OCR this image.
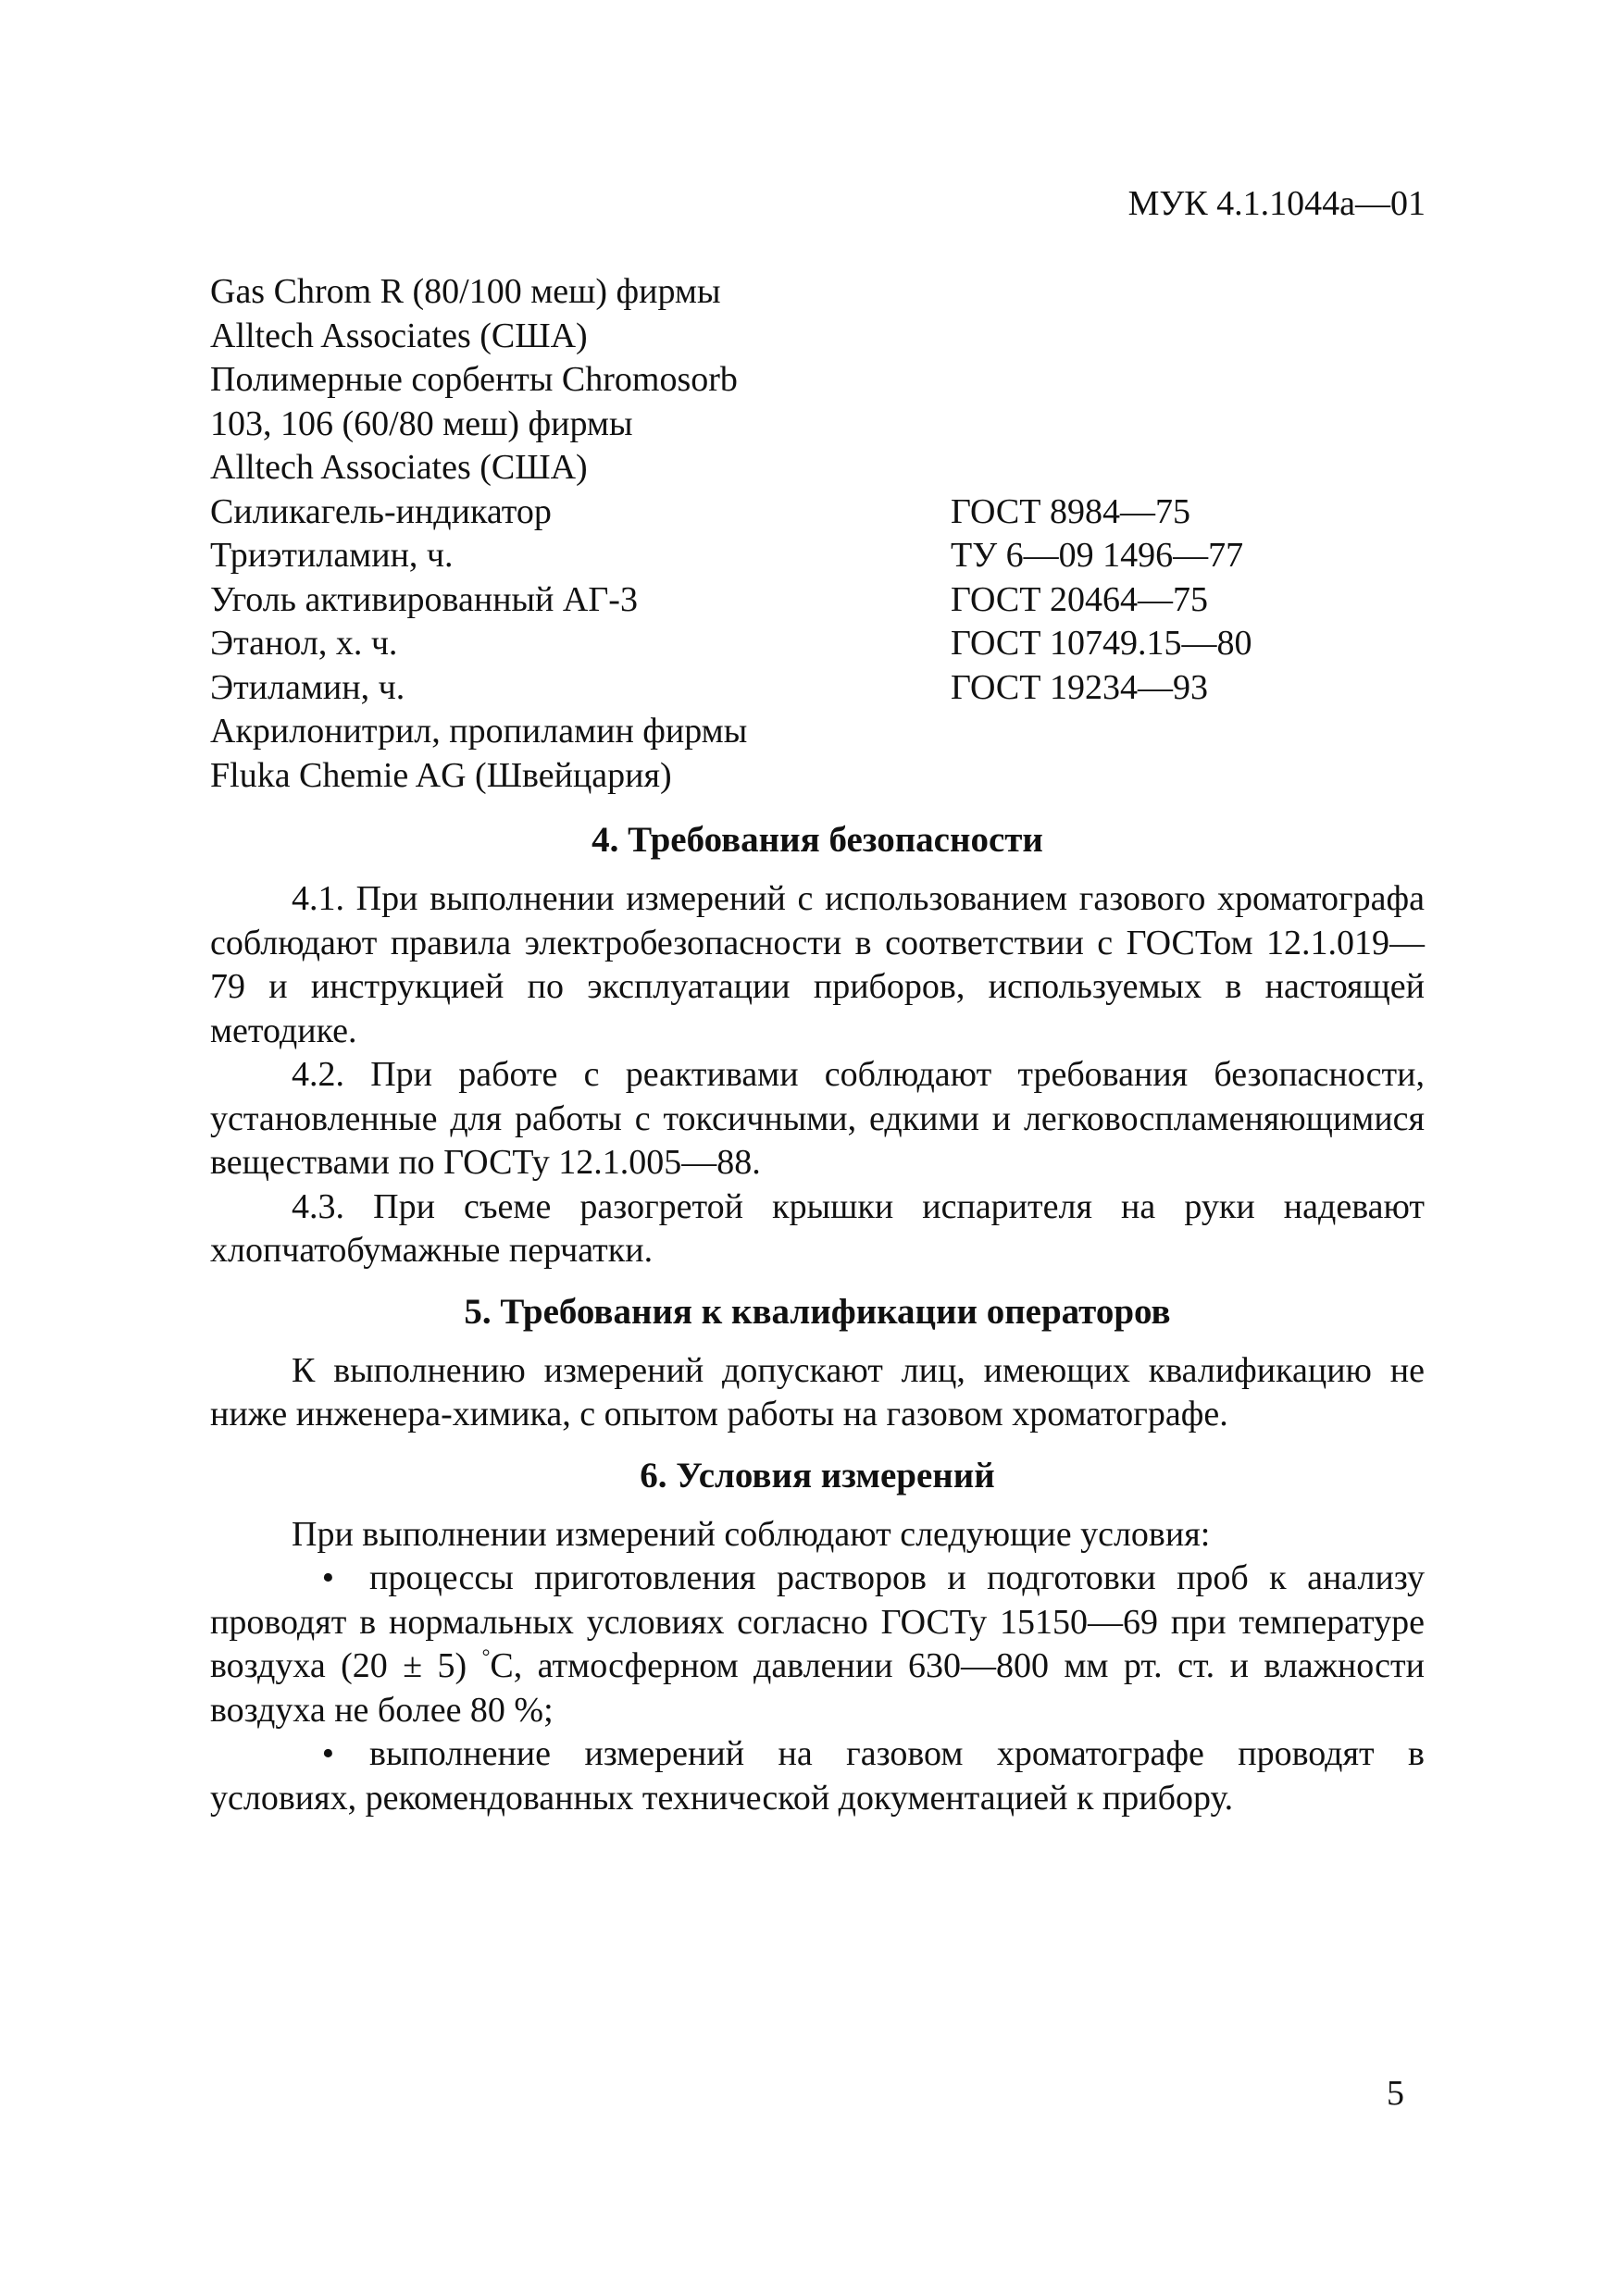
МУК 4.1.1044а—01
Gas Chrom R (80/100 меш) фирмы
Alltech Associates (США)
Полимерные сорбенты Chromosorb
103, 106 (60/80 меш) фирмы
Alltech Associates (США)
Силикагель-индикатор	ГОСТ 8984—75
Триэтиламин, ч.	ТУ 6—09 1496—77
Уголь активированный АГ-3	ГОСТ 20464—75
Этанол, х. ч.	ГОСТ 10749.15—80
Этиламин, ч.	ГОСТ 19234—93
Акрилонитрил, пропиламин фирмы
Fluka Chemie AG (Швейцария)
4. Требования безопасности

4.1. При выполнении измерений с использованием газового хроматографа соблюдают правила электробезопасности в соответствии с ГОСТом 12.1.019—79 и инструкцией по эксплуатации приборов, используемых в настоящей методике.

4.2. При работе с реактивами соблюдают требования безопасности, установленные для работы с токсичными, едкими и легковоспламеняющимися веществами по ГОСТу 12.1.005—88.

4.3. При съеме разогретой крышки испарителя на руки надевают хлопчатобумажные перчатки.

5. Требования к квалификации операторов

К выполнению измерений допускают лиц, имеющих квалификацию не ниже инженера-химика, с опытом работы на газовом хроматографе.

6. Условия измерений

При выполнении измерений соблюдают следующие условия:

• процессы приготовления растворов и подготовки проб к анализу проводят в нормальных условиях согласно ГОСТу 15150—69 при температуре воздуха (20 ± 5) °С, атмосферном давлении 630—800 мм рт. ст. и влажности воздуха не более 80 %;
• выполнение измерений на газовом хроматографе проводят в условиях, рекомендованных технической документацией к прибору.
5
